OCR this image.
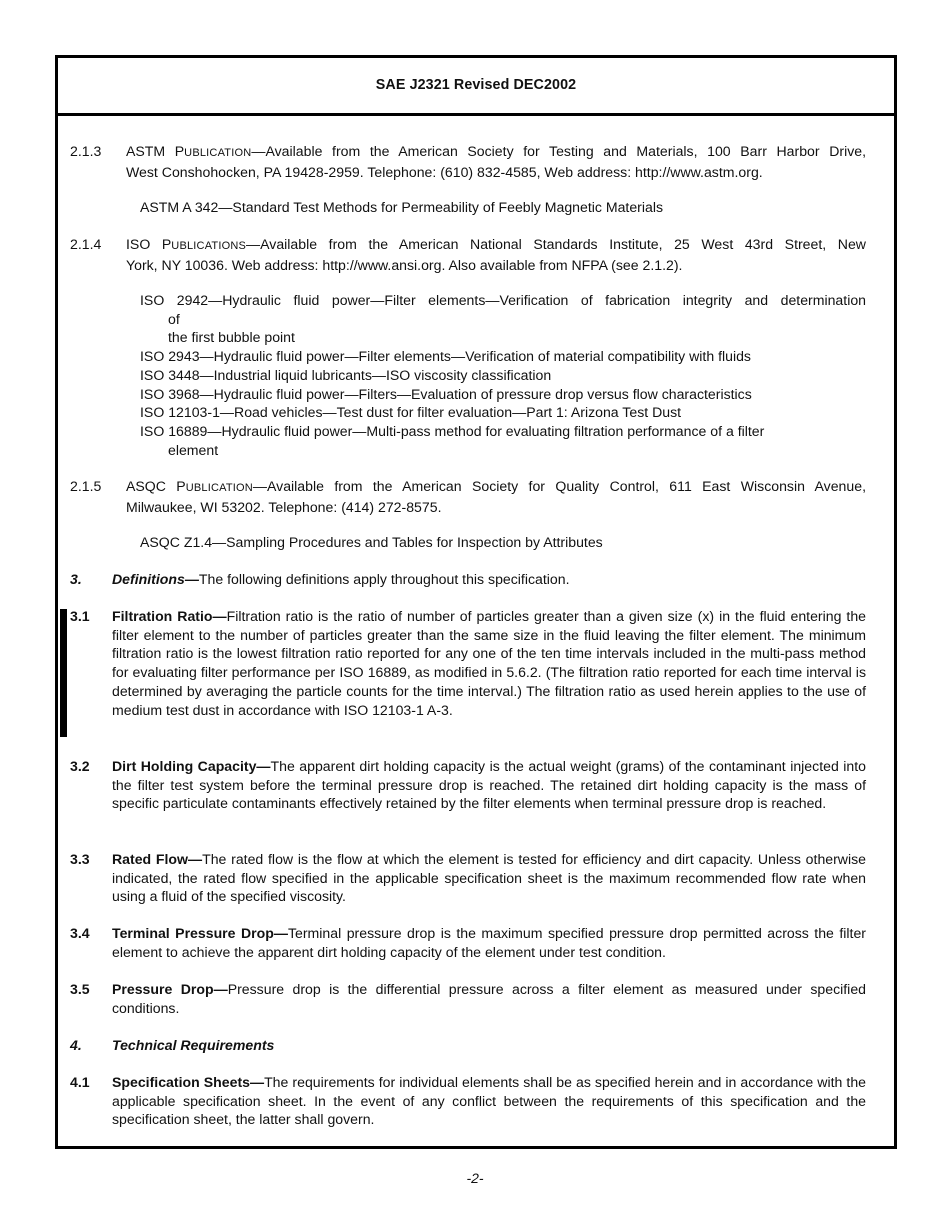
SAE J2321 Revised DEC2002
2.1.3 ASTM PUBLICATION—Available from the American Society for Testing and Materials, 100 Barr Harbor Drive,
West Conshohocken, PA 19428-2959. Telephone: (610) 832-4585, Web address: http://www.astm.org.
ASTM A 342—Standard Test Methods for Permeability of Feebly Magnetic Materials
2.1.4 ISO PUBLICATIONS—Available from the American National Standards Institute, 25 West 43rd Street, New
York, NY 10036. Web address: http://www.ansi.org. Also available from NFPA (see 2.1.2).
ISO 2942—Hydraulic fluid power—Filter elements—Verification of fabrication integrity and determination
of
the first bubble point
ISO 2943—Hydraulic fluid power—Filter elements—Verification of material compatibility with fluids
ISO 3448—Industrial liquid lubricants—ISO viscosity classification
ISO 3968—Hydraulic fluid power—Filters—Evaluation of pressure drop versus flow characteristics
ISO 12103-1—Road vehicles—Test dust for filter evaluation—Part 1: Arizona Test Dust
ISO 16889—Hydraulic fluid power—Multi-pass method for evaluating filtration performance of a filter
element
2.1.5 ASQC PUBLICATION—Available from the American Society for Quality Control, 611 East Wisconsin Avenue,
Milwaukee, WI 53202. Telephone: (414) 272-8575.
ASQC Z1.4—Sampling Procedures and Tables for Inspection by Attributes
3. Definitions—The following definitions apply throughout this specification.
3.1 Filtration Ratio—Filtration ratio is the ratio of number of particles greater than a given size (x) in the fluid entering the filter element to the number of particles greater than the same size in the fluid leaving the filter element. The minimum filtration ratio is the lowest filtration ratio reported for any one of the ten time intervals included in the multi-pass method for evaluating filter performance per ISO 16889, as modified in 5.6.2. (The filtration ratio reported for each time interval is determined by averaging the particle counts for the time interval.) The filtration ratio as used herein applies to the use of medium test dust in accordance with ISO 12103-1 A-3.
3.2 Dirt Holding Capacity—The apparent dirt holding capacity is the actual weight (grams) of the contaminant injected into the filter test system before the terminal pressure drop is reached. The retained dirt holding capacity is the mass of specific particulate contaminants effectively retained by the filter elements when terminal pressure drop is reached.
3.3 Rated Flow—The rated flow is the flow at which the element is tested for efficiency and dirt capacity. Unless otherwise indicated, the rated flow specified in the applicable specification sheet is the maximum recommended flow rate when using a fluid of the specified viscosity.
3.4 Terminal Pressure Drop—Terminal pressure drop is the maximum specified pressure drop permitted across the filter element to achieve the apparent dirt holding capacity of the element under test condition.
3.5 Pressure Drop—Pressure drop is the differential pressure across a filter element as measured under specified conditions.
4. Technical Requirements
4.1 Specification Sheets—The requirements for individual elements shall be as specified herein and in accordance with the applicable specification sheet. In the event of any conflict between the requirements of this specification and the specification sheet, the latter shall govern.
-2-
